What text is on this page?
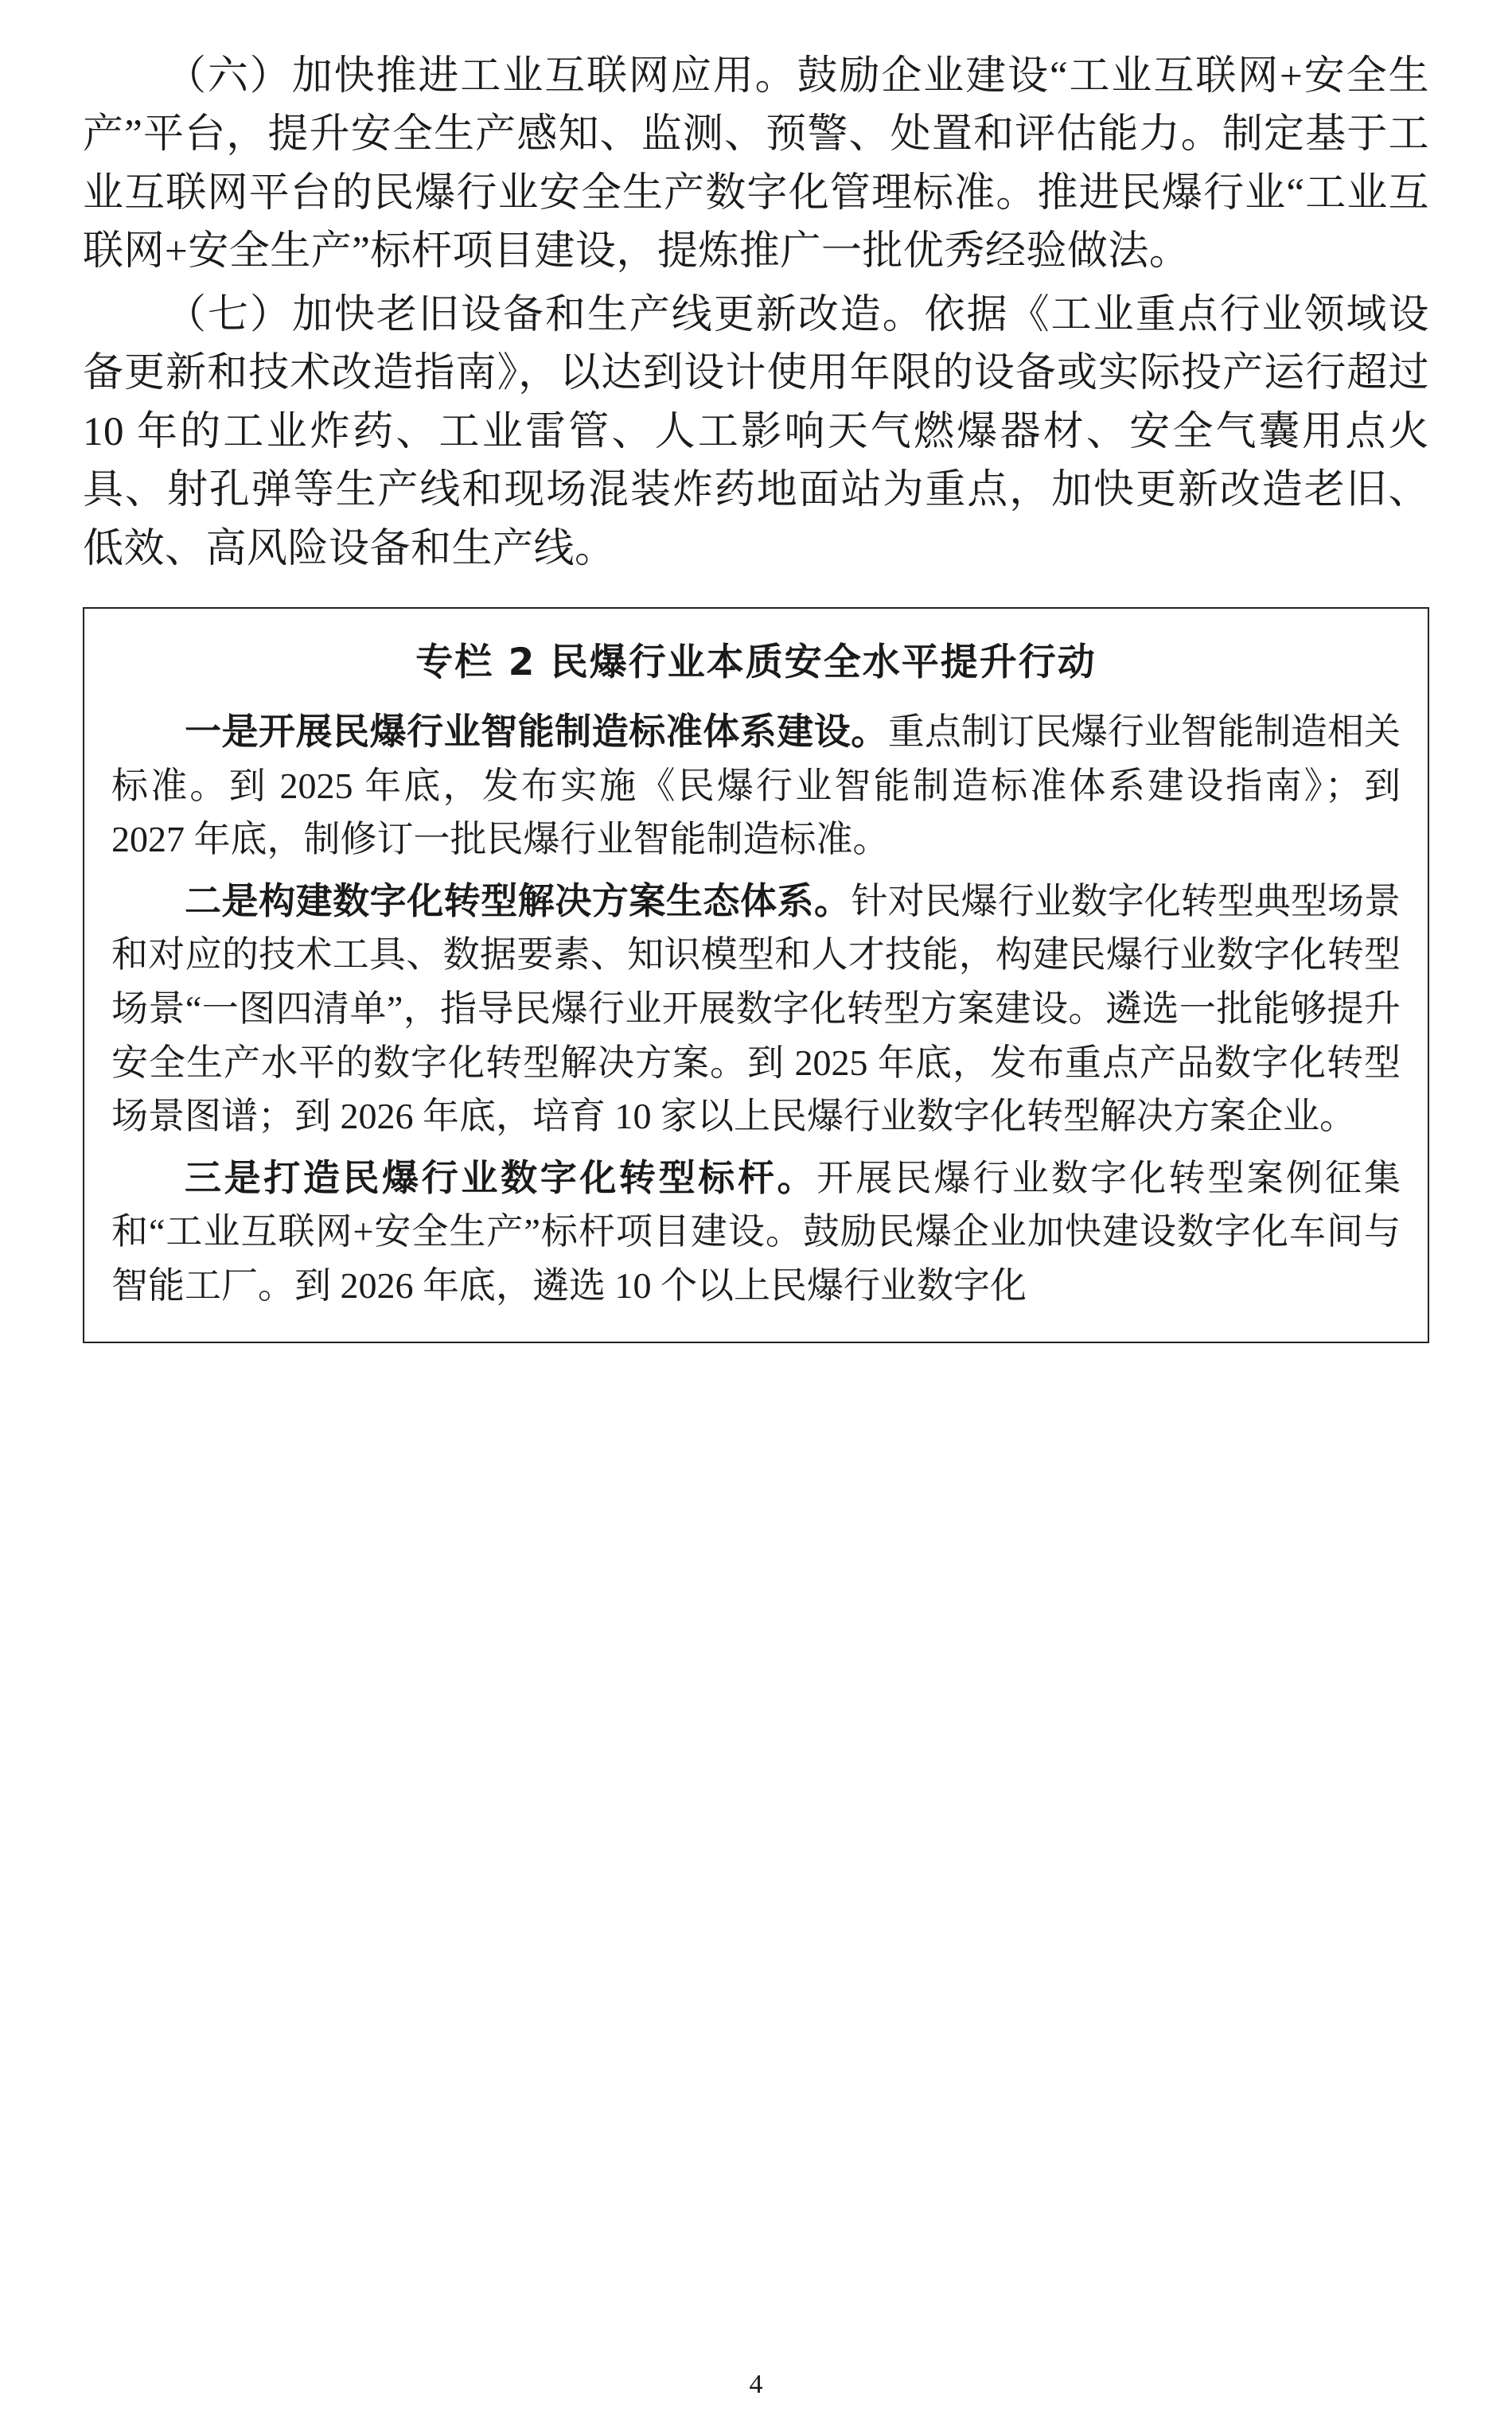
（六）加快推进工业互联网应用。鼓励企业建设“工业互联网+安全生产”平台，提升安全生产感知、监测、预警、处置和评估能力。制定基于工业互联网平台的民爆行业安全生产数字化管理标准。推进民爆行业“工业互联网+安全生产”标杆项目建设，提炼推广一批优秀经验做法。

（七）加快老旧设备和生产线更新改造。依据《工业重点行业领域设备更新和技术改造指南》，以达到设计使用年限的设备或实际投产运行超过 10 年的工业炸药、工业雷管、人工影响天气燃爆器材、安全气囊用点火具、射孔弹等生产线和现场混装炸药地面站为重点，加快更新改造老旧、低效、高风险设备和生产线。

专栏 2 民爆行业本质安全水平提升行动

一是开展民爆行业智能制造标准体系建设。重点制订民爆行业智能制造相关标准。到 2025 年底，发布实施《民爆行业智能制造标准体系建设指南》；到 2027 年底，制修订一批民爆行业智能制造标准。

二是构建数字化转型解决方案生态体系。针对民爆行业数字化转型典型场景和对应的技术工具、数据要素、知识模型和人才技能，构建民爆行业数字化转型场景“一图四清单”，指导民爆行业开展数字化转型方案建设。遴选一批能够提升安全生产水平的数字化转型解决方案。到 2025 年底，发布重点产品数字化转型场景图谱；到 2026 年底，培育 10 家以上民爆行业数字化转型解决方案企业。

三是打造民爆行业数字化转型标杆。开展民爆行业数字化转型案例征集和“工业互联网+安全生产”标杆项目建设。鼓励民爆企业加快建设数字化车间与智能工厂。到 2026 年底，遴选 10 个以上民爆行业数字化

4
